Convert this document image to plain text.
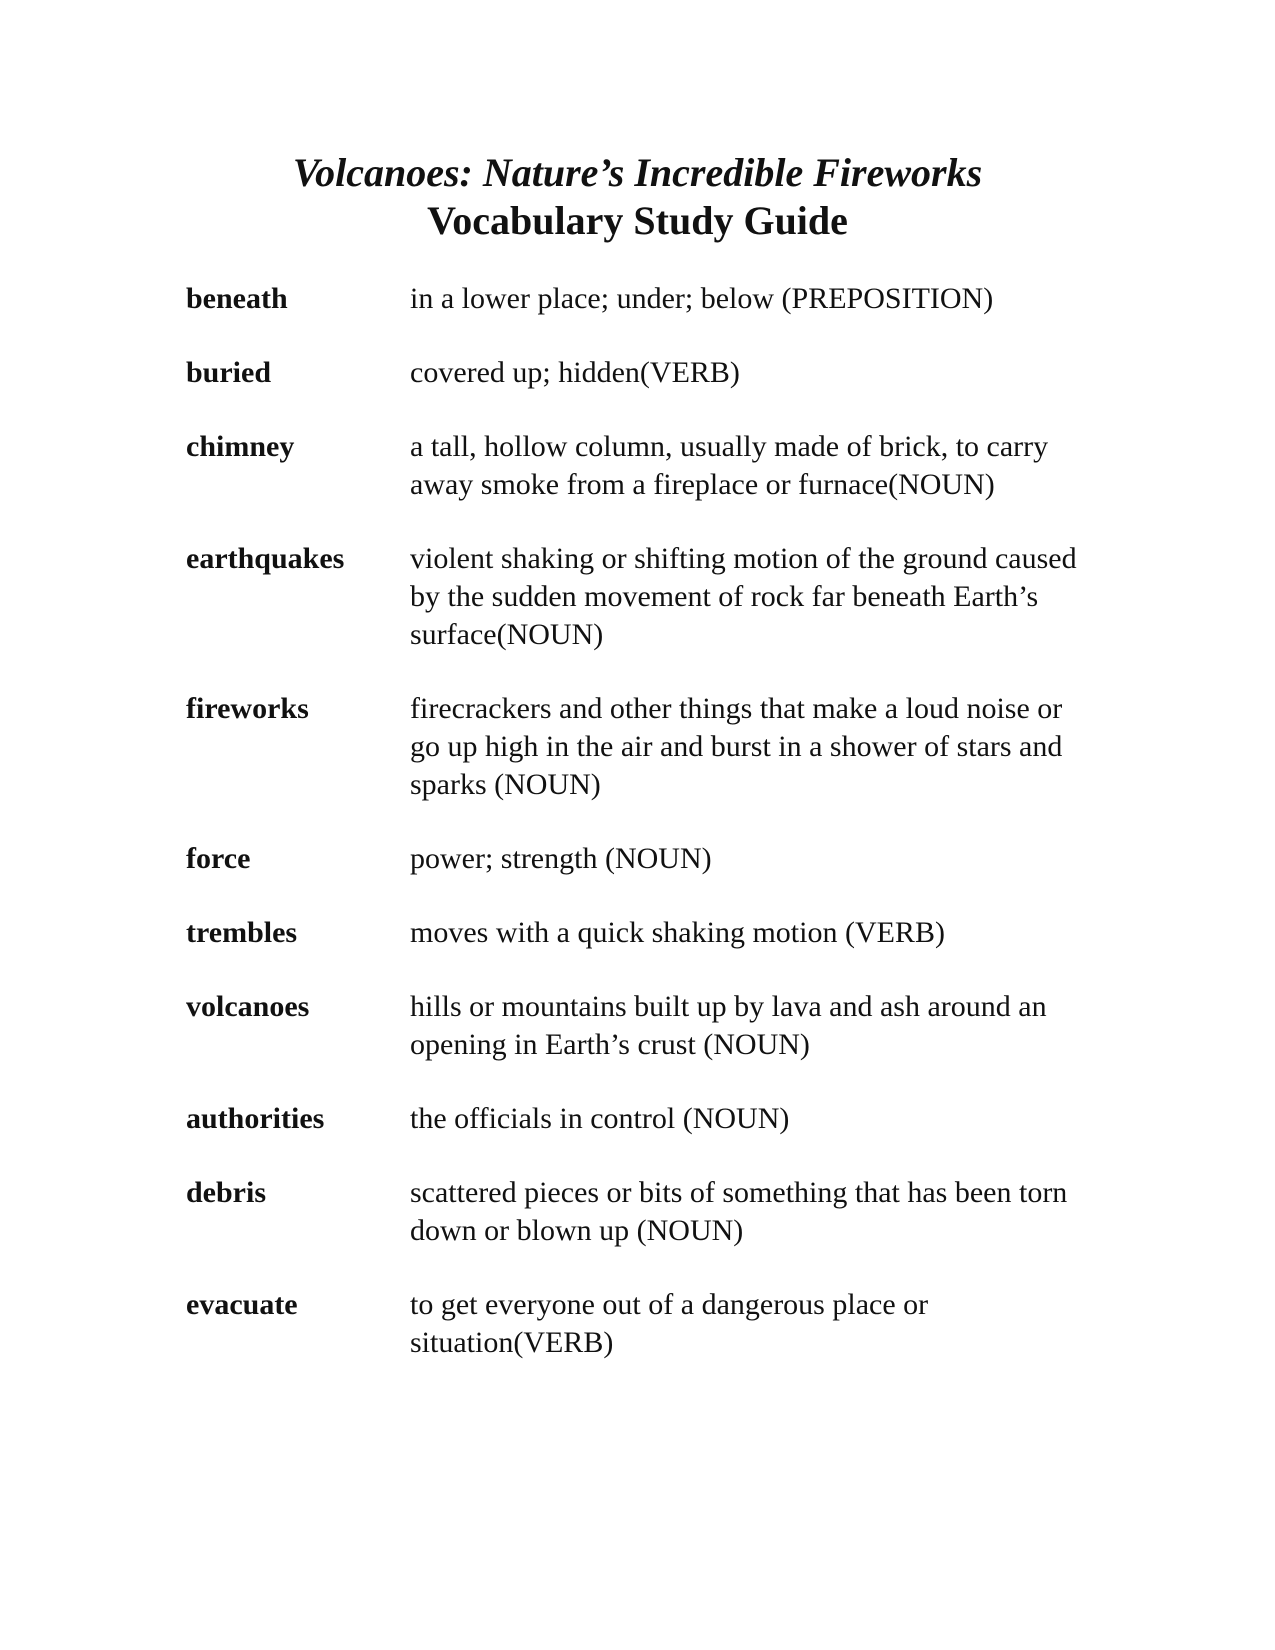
Volcanoes: Nature’s Incredible Fireworks
Vocabulary Study Guide
beneath	in a lower place; under; below (PREPOSITION)
buried	covered up; hidden(VERB)
chimney	a tall, hollow column, usually made of brick, to carry away smoke from a fireplace or furnace(NOUN)
earthquakes	violent shaking or shifting motion of the ground caused by the sudden movement of rock far beneath Earth’s surface(NOUN)
fireworks	firecrackers and other things that make a loud noise or go up high in the air and burst in a shower of stars and sparks (NOUN)
force	power; strength (NOUN)
trembles	moves with a quick shaking motion (VERB)
volcanoes	hills or mountains built up by lava and ash around an opening in Earth’s crust (NOUN)
authorities	the officials in control (NOUN)
debris	scattered pieces or bits of something that has been torn down or blown up (NOUN)
evacuate	to get everyone out of a dangerous place or situation(VERB)
